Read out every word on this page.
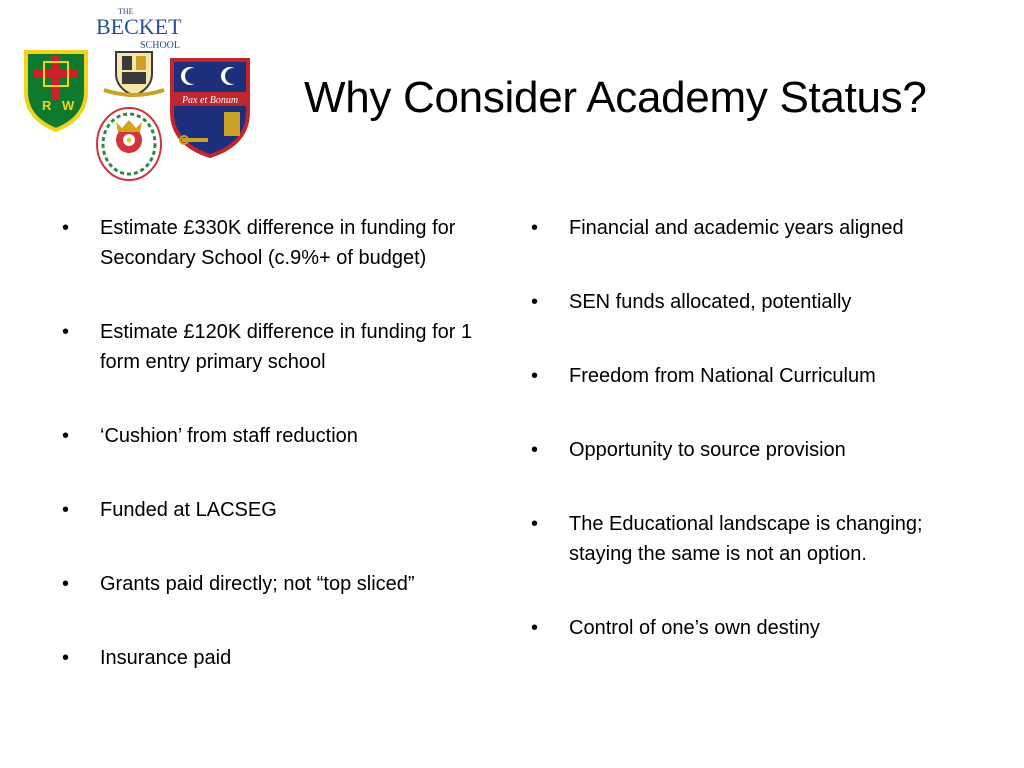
R W
THE
BECKET
SCHOOL
Pax et Bonum Why Consider Academy Status?
• Estimate £330K difference in funding for Secondary School (c.9%+ of budget)
• Estimate £120K difference in funding for 1 form entry primary school
• ‘Cushion’ from staff reduction
• Funded at LACSEG
• Grants paid directly; not “top sliced”
• Insurance paid
• Financial and academic years aligned
• SEN funds allocated, potentially
• Freedom from National Curriculum
• Opportunity to source provision
• The Educational landscape is changing; staying the same is not an option.
• Control of one’s own destiny
